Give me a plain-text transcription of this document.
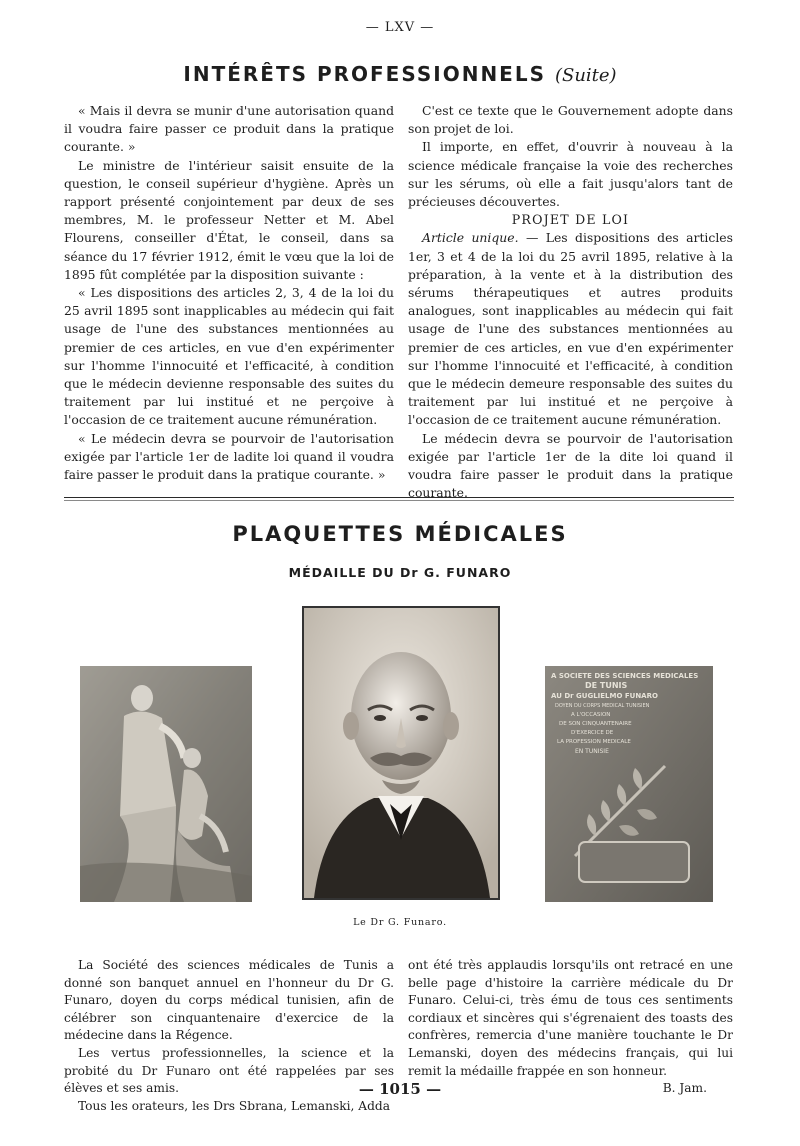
— LXV —
INTÉRÊTS PROFESSIONNELS (Suite)

« Mais il devra se munir d'une autorisation quand il voudra faire passer ce produit dans la pratique courante. »

Le ministre de l'intérieur saisit ensuite de la question, le conseil supérieur d'hygiène. Après un rapport présenté conjointement par deux de ses membres, M. le professeur Netter et M. Abel Flourens, conseiller d'État, le conseil, dans sa séance du 17 février 1912, émit le vœu que la loi de 1895 fût complétée par la disposition suivante :

« Les dispositions des articles 2, 3, 4 de la loi du 25 avril 1895 sont inapplicables au médecin qui fait usage de l'une des substances mentionnées au premier de ces articles, en vue d'en expérimenter sur l'homme l'innocuité et l'efficacité, à condition que le médecin devienne responsable des suites du traitement par lui institué et ne perçoive à l'occasion de ce traitement aucune rémunération.

« Le médecin devra se pourvoir de l'autorisation exigée par l'article 1er de ladite loi quand il voudra faire passer le produit dans la pratique courante. »

C'est ce texte que le Gouvernement adopte dans son projet de loi.

Il importe, en effet, d'ouvrir à nouveau à la science médicale française la voie des recherches sur les sérums, où elle a fait jusqu'alors tant de précieuses découvertes.

PROJET DE LOI

Article unique. — Les dispositions des articles 1er, 3 et 4 de la loi du 25 avril 1895, relative à la préparation, à la vente et à la distribution des sérums thérapeutiques et autres produits analogues, sont inapplicables au médecin qui fait usage de l'une des substances mentionnées au premier de ces articles, en vue d'en expérimenter sur l'homme l'innocuité et l'efficacité, à condition que le médecin demeure responsable des suites du traitement par lui institué et ne perçoive à l'occasion de ce traitement aucune rémunération.

Le médecin devra se pourvoir de l'autorisation exigée par l'article 1er de la dite loi quand il voudra faire passer le produit dans la pratique courante.

PLAQUETTES MÉDICALES
MÉDAILLE DU Dr G. FUNARO
A SOCIETE DES SCIENCES MEDICALES
DE TUNIS
AU Dr GUGLIELMO FUNARO
DOYEN DU CORPS MEDICAL TUNISIEN
A L'OCCASION
DE SON CINQUANTENAIRE
D'EXERCICE DE
LA PROFESSION MEDICALE
EN TUNISIE
Le Dr G. Funaro.

La Société des sciences médicales de Tunis a donné son banquet annuel en l'honneur du Dr G. Funaro, doyen du corps médical tunisien, afin de célébrer son cinquantenaire d'exercice de la médecine dans la Régence.

Les vertus professionnelles, la science et la probité du Dr Funaro ont été rappelées par ses élèves et ses amis.

Tous les orateurs, les Drs Sbrana, Lemanski, Adda

ont été très applaudis lorsqu'ils ont retracé en une belle page d'histoire la carrière médicale du Dr Funaro. Celui-ci, très ému de tous ces sentiments cordiaux et sincères qui s'égrenaient des toasts des confrères, remercia d'une manière touchante le Dr Lemanski, doyen des médecins français, qui lui remit la médaille frappée en son honneur.

B. Jam.

— 1015 —
